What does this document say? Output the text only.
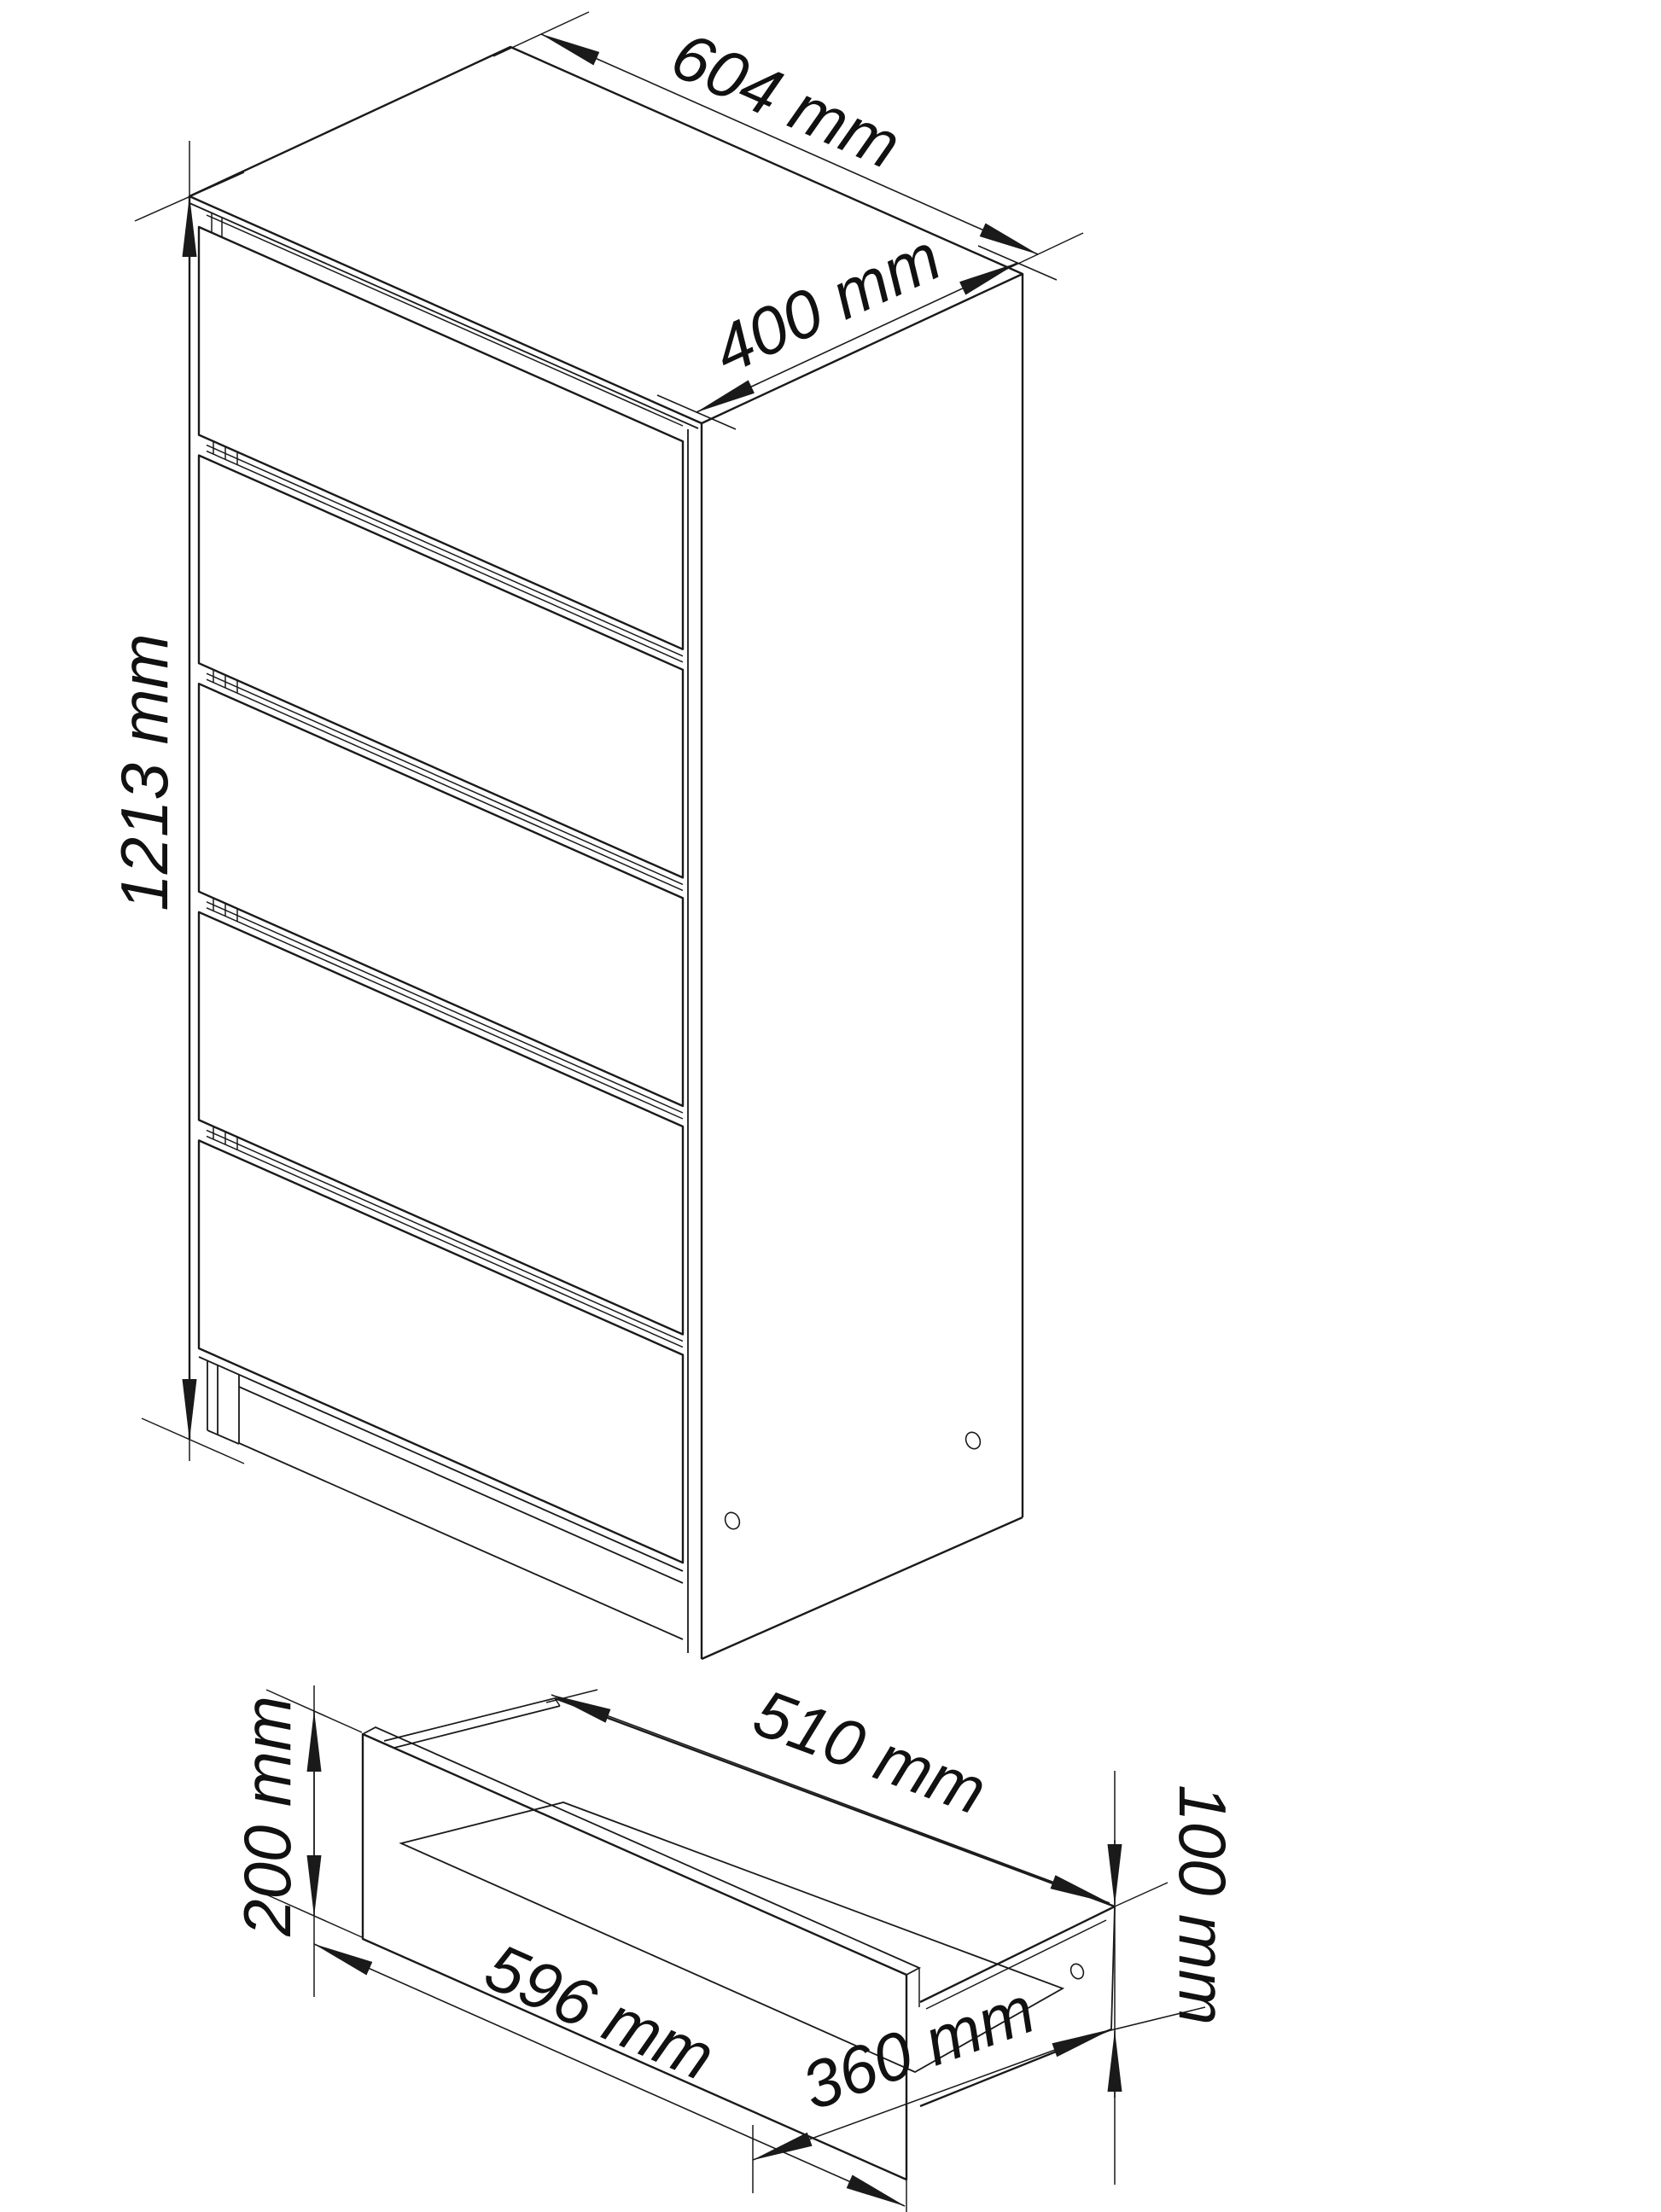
604 mm
400 mm
1213 mm
200 mm
596 mm
510 mm
100 mm
360 mm
